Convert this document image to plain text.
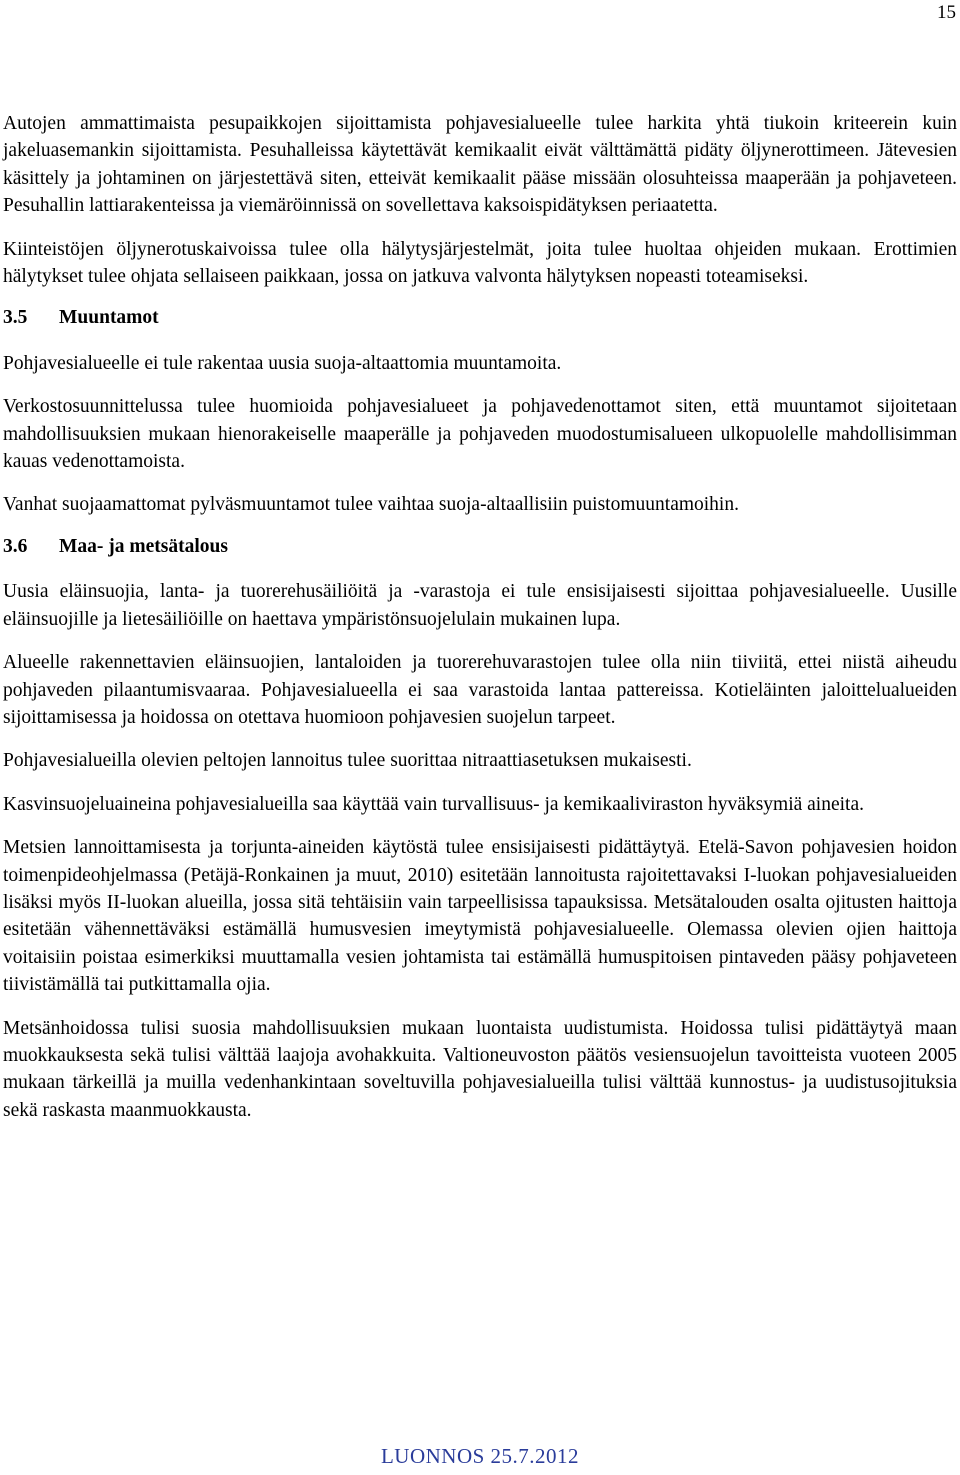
15

Autojen ammattimaista pesupaikkojen sijoittamista pohjavesialueelle tulee harkita yhtä tiukoin kriteerein kuin jakeluasemankin sijoittamista. Pesuhalleissa käytettävät kemikaalit eivät välttämättä pidäty öljynerottimeen. Jätevesien käsittely ja johtaminen on järjestettävä siten, etteivät kemikaalit pääse missään olosuhteissa maaperään ja pohjaveteen. Pesuhallin lattiarakenteissa ja viemäröinnissä on sovellettava kaksoispidätyksen periaatetta.

Kiinteistöjen öljynerotuskaivoissa tulee olla hälytysjärjestelmät, joita tulee huoltaa ohjeiden mukaan. Erottimien hälytykset tulee ohjata sellaiseen paikkaan, jossa on jatkuva valvonta hälytyksen nopeasti toteamiseksi.

3.5	Muuntamot

Pohjavesialueelle ei tule rakentaa uusia suoja-altaattomia muuntamoita.

Verkostosuunnittelussa tulee huomioida pohjavesialueet ja pohjavedenottamot siten, että muuntamot sijoitetaan mahdollisuuksien mukaan hienorakeiselle maaperälle ja pohjaveden muodostumisalueen ulkopuolelle mahdollisimman kauas vedenottamoista.

Vanhat suojaamattomat pylväsmuuntamot tulee vaihtaa suoja-altaallisiin puistomuuntamoihin.

3.6	Maa- ja metsätalous

Uusia eläinsuojia, lanta- ja tuorerehusäiliöitä ja -varastoja ei tule ensisijaisesti sijoittaa pohjavesialueelle. Uusille eläinsuojille ja lietesäiliöille on haettava ympäristönsuojelulain mukainen lupa.

Alueelle rakennettavien eläinsuojien, lantaloiden ja tuorerehuvarastojen tulee olla niin tiiviitä, ettei niistä aiheudu pohjaveden pilaantumisvaaraa. Pohjavesialueella ei saa varastoida lantaa pattereissa. Kotieläinten jaloittelualueiden sijoittamisessa ja hoidossa on otettava huomioon pohjavesien suojelun tarpeet.

Pohjavesialueilla olevien peltojen lannoitus tulee suorittaa nitraattiasetuksen mukaisesti.

Kasvinsuojeluaineina pohjavesialueilla saa käyttää vain turvallisuus- ja kemikaaliviraston hyväksymiä aineita.

Metsien lannoittamisesta ja torjunta-aineiden käytöstä tulee ensisijaisesti pidättäytyä. Etelä-Savon pohjavesien hoidon toimenpideohjelmassa (Petäjä-Ronkainen ja muut, 2010) esitetään lannoitusta rajoitettavaksi I-luokan pohjavesialueiden lisäksi myös II-luokan alueilla, jossa sitä tehtäisiin vain tarpeellisissa tapauksissa. Metsätalouden osalta ojitusten haittoja esitetään vähennettäväksi estämällä humusvesien imeytymistä pohjavesialueelle. Olemassa olevien ojien haittoja voitaisiin poistaa esimerkiksi muuttamalla vesien johtamista tai estämällä humuspitoisen pintaveden pääsy pohjaveteen tiivistämällä tai putkittamalla ojia.

Metsänhoidossa tulisi suosia mahdollisuuksien mukaan luontaista uudistumista. Hoidossa tulisi pidättäytyä maan muokkauksesta sekä tulisi välttää laajoja avohakkuita. Valtioneuvoston päätös vesiensuojelun tavoitteista vuoteen 2005 mukaan tärkeillä ja muilla vedenhankintaan soveltuvilla pohjavesialueilla tulisi välttää kunnostus- ja uudistusojituksia sekä raskasta maanmuokkausta.

LUONNOS 25.7.2012
